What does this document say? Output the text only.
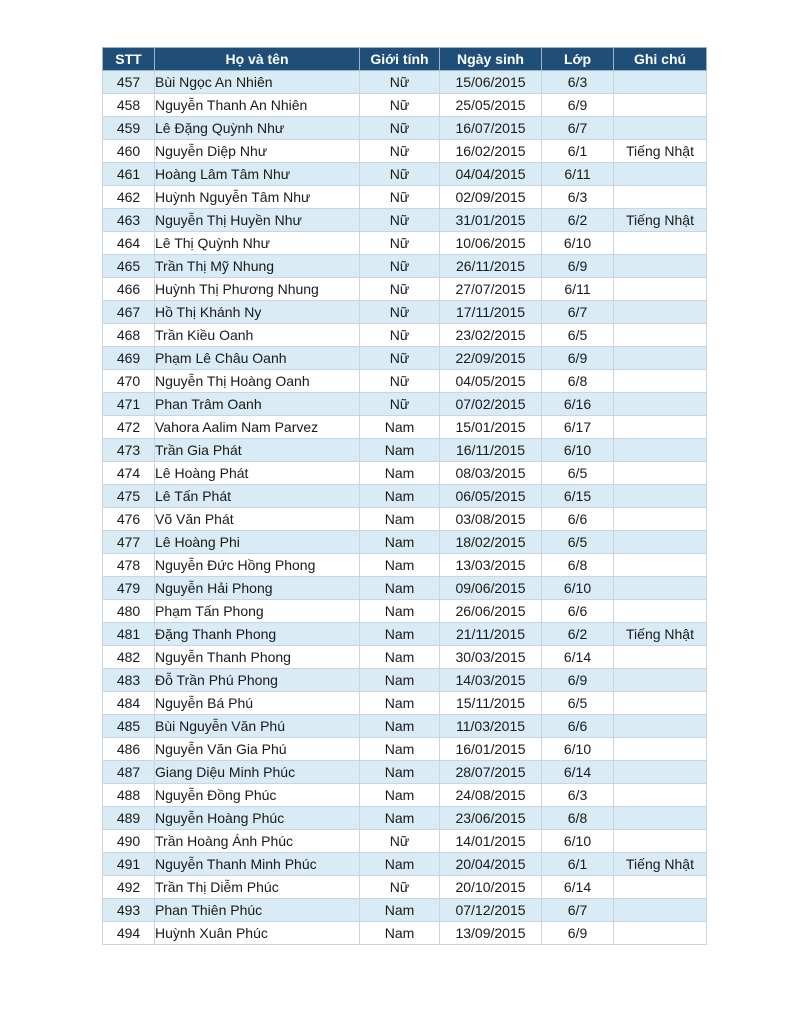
STT	Họ và tên	Giới tính	Ngày sinh	Lớp	Ghi chú
457	Bùi Ngọc An Nhiên	Nữ	15/06/2015	6/3	
458	Nguyễn Thanh An Nhiên	Nữ	25/05/2015	6/9	
459	Lê Đặng Quỳnh Như	Nữ	16/07/2015	6/7	
460	Nguyễn Diệp Như	Nữ	16/02/2015	6/1	Tiếng Nhật
461	Hoàng Lâm Tâm Như	Nữ	04/04/2015	6/11	
462	Huỳnh Nguyễn Tâm Như	Nữ	02/09/2015	6/3	
463	Nguyễn Thị Huyền Như	Nữ	31/01/2015	6/2	Tiếng Nhật
464	Lê Thị Quỳnh Như	Nữ	10/06/2015	6/10	
465	Trần Thị Mỹ Nhung	Nữ	26/11/2015	6/9	
466	Huỳnh Thị Phương Nhung	Nữ	27/07/2015	6/11	
467	Hồ Thị Khánh Ny	Nữ	17/11/2015	6/7	
468	Trần Kiều Oanh	Nữ	23/02/2015	6/5	
469	Phạm Lê Châu Oanh	Nữ	22/09/2015	6/9	
470	Nguyễn Thị Hoàng Oanh	Nữ	04/05/2015	6/8	
471	Phan Trâm Oanh	Nữ	07/02/2015	6/16	
472	Vahora Aalim Nam Parvez	Nam	15/01/2015	6/17	
473	Trần Gia Phát	Nam	16/11/2015	6/10	
474	Lê Hoàng Phát	Nam	08/03/2015	6/5	
475	Lê Tấn Phát	Nam	06/05/2015	6/15	
476	Võ Văn Phát	Nam	03/08/2015	6/6	
477	Lê Hoàng Phi	Nam	18/02/2015	6/5	
478	Nguyễn Đức Hồng Phong	Nam	13/03/2015	6/8	
479	Nguyễn Hải Phong	Nam	09/06/2015	6/10	
480	Phạm Tấn Phong	Nam	26/06/2015	6/6	
481	Đặng Thanh Phong	Nam	21/11/2015	6/2	Tiếng Nhật
482	Nguyễn Thanh Phong	Nam	30/03/2015	6/14	
483	Đỗ Trần Phú Phong	Nam	14/03/2015	6/9	
484	Nguyễn Bá Phú	Nam	15/11/2015	6/5	
485	Bùi Nguyễn Văn Phú	Nam	11/03/2015	6/6	
486	Nguyễn Văn Gia Phú	Nam	16/01/2015	6/10	
487	Giang Diệu Minh Phúc	Nam	28/07/2015	6/14	
488	Nguyễn Đồng Phúc	Nam	24/08/2015	6/3	
489	Nguyễn Hoàng Phúc	Nam	23/06/2015	6/8	
490	Trần Hoàng Ánh Phúc	Nữ	14/01/2015	6/10	
491	Nguyễn Thanh Minh Phúc	Nam	20/04/2015	6/1	Tiếng Nhật
492	Trần Thị Diễm Phúc	Nữ	20/10/2015	6/14	
493	Phan Thiên Phúc	Nam	07/12/2015	6/7	
494	Huỳnh Xuân Phúc	Nam	13/09/2015	6/9	
